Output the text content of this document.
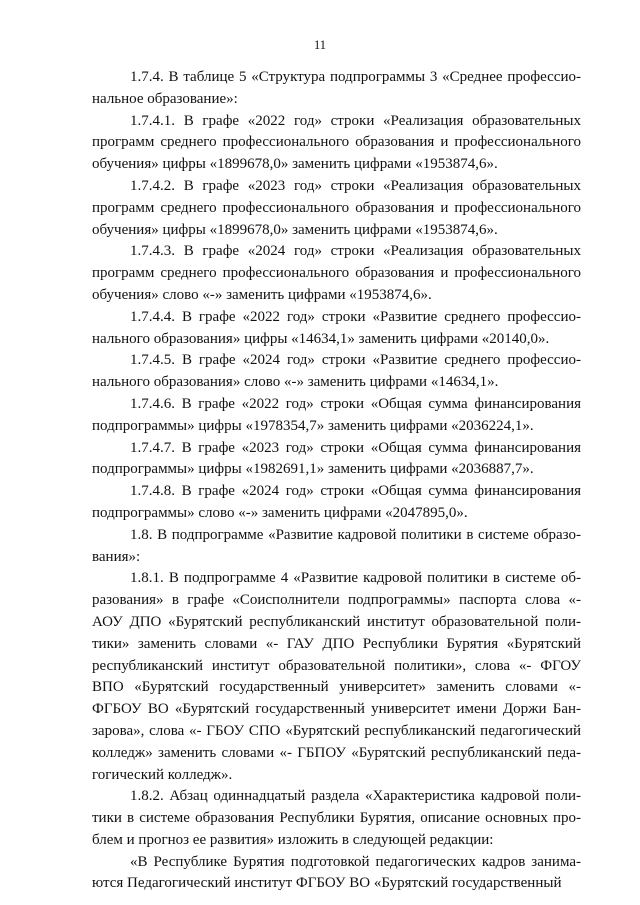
11

1.7.4. В таблице 5 «Структура подпрограммы 3 «Среднее профессиональное образование»:

1.7.4.1. В графе «2022 год» строки «Реализация образовательных программ среднего профессионального образования и профессионального обучения» цифры «1899678,0» заменить цифрами «1953874,6».

1.7.4.2. В графе «2023 год» строки «Реализация образовательных программ среднего профессионального образования и профессионального обучения» цифры «1899678,0» заменить цифрами «1953874,6».

1.7.4.3. В графе «2024 год» строки «Реализация образовательных программ среднего профессионального образования и профессионального обучения» слово «-» заменить цифрами «1953874,6».

1.7.4.4. В графе «2022 год» строки «Развитие среднего профессионального образования» цифры «14634,1» заменить цифрами «20140,0».

1.7.4.5. В графе «2024 год» строки «Развитие среднего профессионального образования» слово «-» заменить цифрами «14634,1».

1.7.4.6. В графе «2022 год» строки «Общая сумма финансирования подпрограммы» цифры «1978354,7» заменить цифрами «2036224,1».

1.7.4.7. В графе «2023 год» строки «Общая сумма финансирования подпрограммы» цифры «1982691,1» заменить цифрами «2036887,7».

1.7.4.8. В графе «2024 год» строки «Общая сумма финансирования подпрограммы» слово «-» заменить цифрами «2047895,0».

1.8. В подпрограмме «Развитие кадровой политики в системе образования»:

1.8.1. В подпрограмме 4 «Развитие кадровой политики в системе образования» в графе «Соисполнители подпрограммы» паспорта слова «- АОУ ДПО «Бурятский республиканский институт образовательной политики» заменить словами «- ГАУ ДПО Республики Бурятия «Бурятский республиканский институт образовательной политики», слова «- ФГОУ ВПО «Бурятский государственный университет» заменить словами «- ФГБОУ ВО «Бурятский государственный университет имени Доржи Банзарова», слова «- ГБОУ СПО «Бурятский республиканский педагогический колледж» заменить словами «- ГБПОУ «Бурятский республиканский педагогический колледж».

1.8.2. Абзац одиннадцатый раздела «Характеристика кадровой политики в системе образования Республики Бурятия, описание основных проблем и прогноз ее развития» изложить в следующей редакции:

«В Республике Бурятия подготовкой педагогических кадров занимаются Педагогический институт ФГБОУ ВО «Бурятский государственный
